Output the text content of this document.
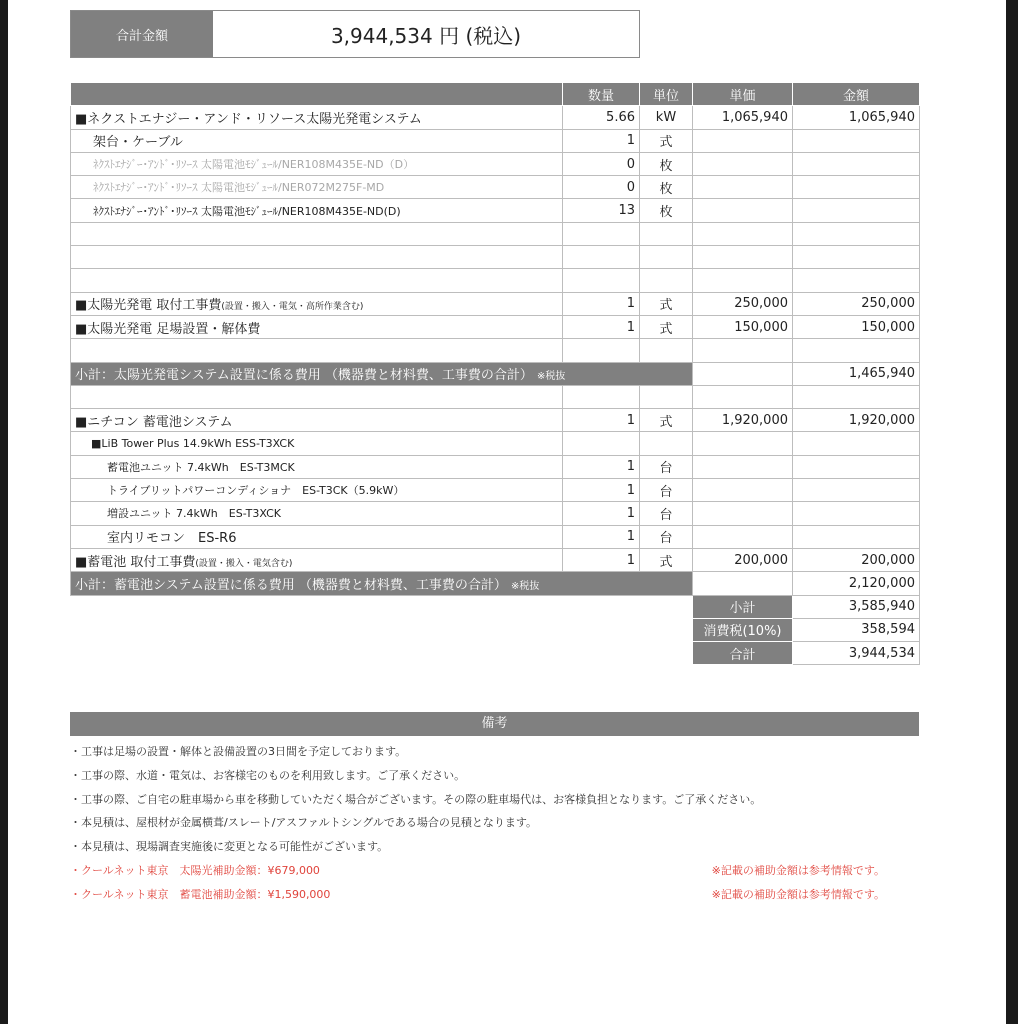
合計金額	3,944,534 円 (税込)
	数量	単位	単価	金額
■ネクストエナジー・アンド・リソース太陽光発電システム	5.66	kW	1,065,940	1,065,940
架台・ケーブル	1	式		
ﾈｸｽﾄｴﾅｼﾞｰ･ｱﾝﾄﾞ･ﾘｿｰｽ 太陽電池ﾓｼﾞｭｰﾙ/NER108M435E-ND（D）	0	枚		
ﾈｸｽﾄｴﾅｼﾞｰ･ｱﾝﾄﾞ･ﾘｿｰｽ 太陽電池ﾓｼﾞｭｰﾙ/NER072M275F-MD	0	枚		
ﾈｸｽﾄｴﾅｼﾞｰ･ｱﾝﾄﾞ･ﾘｿｰｽ 太陽電池ﾓｼﾞｭｰﾙ/NER108M435E-ND(D)	13	枚		

■太陽光発電 取付工事費(設置・搬入・電気・高所作業含む)	1	式	250,000	250,000
■太陽光発電 足場設置・解体費	1	式	150,000	150,000

小計：太陽光発電システム設置に係る費用 （機器費と材料費、工事費の合計） ※税抜				1,465,940

■ニチコン 蓄電池システム	1	式	1,920,000	1,920,000
■LiB Tower Plus 14.9kWh ESS-T3XCK				
蓄電池ユニット 7.4kWh　ES-T3MCK	1	台		
トライブリットパワーコンディショナ　ES-T3CK（5.9kW）	1	台		
増設ユニット 7.4kWh　ES-T3XCK	1	台		
室内リモコン　ES-R6	1	台		
■蓄電池 取付工事費(設置・搬入・電気含む)	1	式	200,000	200,000
小計：蓄電池システム設置に係る費用 （機器費と材料費、工事費の合計） ※税抜				2,120,000
			小計	3,585,940
			消費税(10%)	358,594
			合計	3,944,534
備考
・工事は足場の設置・解体と設備設置の3日間を予定しております。
・工事の際、水道・電気は、お客様宅のものを利用致します。ご了承ください。
・工事の際、ご自宅の駐車場から車を移動していただく場合がございます。その際の駐車場代は、お客様負担となります。ご了承ください。
・本見積は、屋根材が金属横葺/スレート/アスファルトシングルである場合の見積となります。
・本見積は、現場調査実施後に変更となる可能性がございます。
・クールネット東京　太陽光補助金額：¥679,000	※記載の補助金額は参考情報です。
・クールネット東京　蓄電池補助金額：¥1,590,000	※記載の補助金額は参考情報です。
